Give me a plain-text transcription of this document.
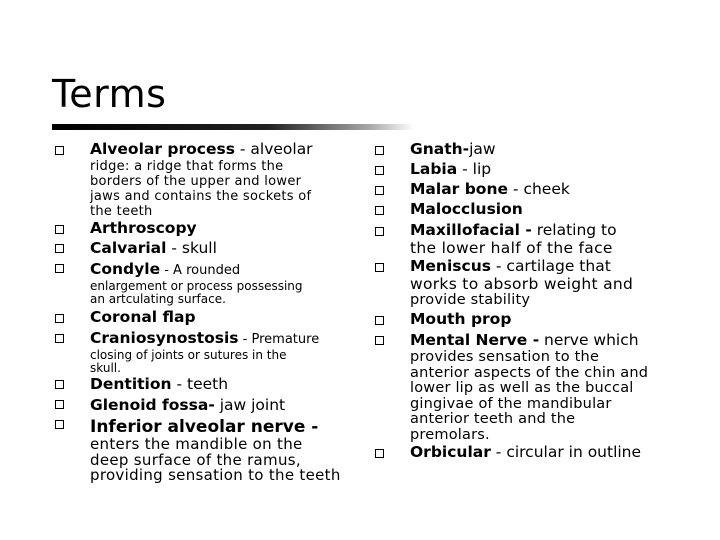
Terms
Alveolar process - alveolar
ridge: a ridge that forms the
borders of the upper and lower
jaws and contains the sockets of
the teeth
Arthroscopy
Calvarial - skull
Condyle - A rounded
enlargement or process possessing
an artculating surface.
Coronal flap
Craniosynostosis - Premature
closing of joints or sutures in the
skull.
Dentition - teeth
Glenoid fossa- jaw joint
Inferior alveolar nerve -
enters the mandible on the
deep surface of the ramus,
providing sensation to the teeth
Gnath-jaw
Labia - lip
Malar bone - cheek
Malocclusion
Maxillofacial - relating to
the lower half of the face
Meniscus - cartilage that
works to absorb weight and
provide stability
Mouth prop
Mental Nerve - nerve which
provides sensation to the
anterior aspects of the chin and
lower lip as well as the buccal
gingivae of the mandibular
anterior teeth and the
premolars.
Orbicular - circular in outline
